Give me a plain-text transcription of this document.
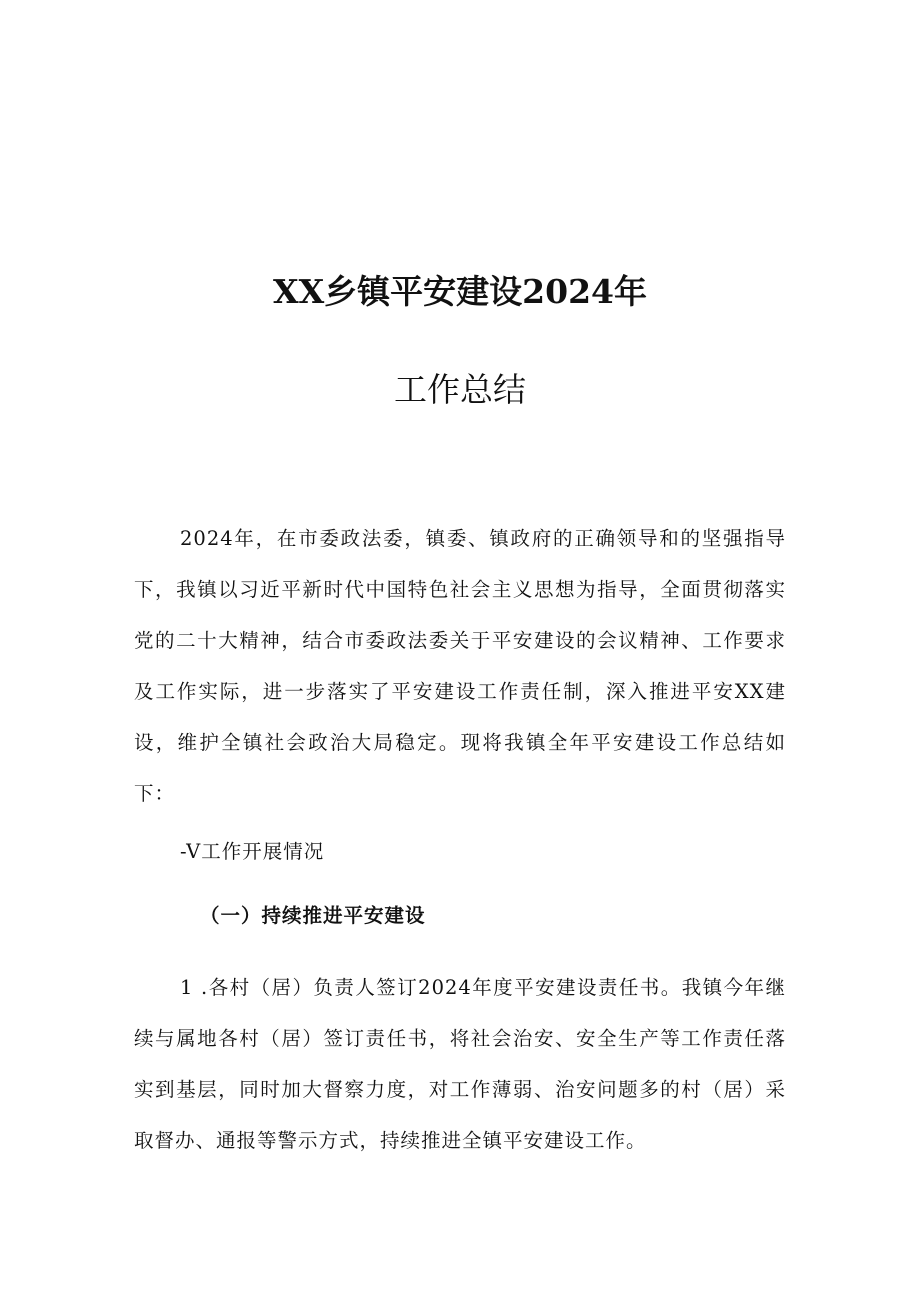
XX乡镇平安建设2024年
工作总结
2024年，在市委政法委，镇委、镇政府的正确领导和的坚强指导下，我镇以习近平新时代中国特色社会主义思想为指导，全面贯彻落实党的二十大精神，结合市委政法委关于平安建设的会议精神、工作要求及工作实际，进一步落实了平安建设工作责任制，深入推进平安XX建设，维护全镇社会政治大局稳定。现将我镇全年平安建设工作总结如下：
-V工作开展情况
（一）持续推进平安建设
1 .各村（居）负责人签订2024年度平安建设责任书。我镇今年继续与属地各村（居）签订责任书，将社会治安、安全生产等工作责任落实到基层，同时加大督察力度，对工作薄弱、治安问题多的村（居）采取督办、通报等警示方式，持续推进全镇平安建设工作。
